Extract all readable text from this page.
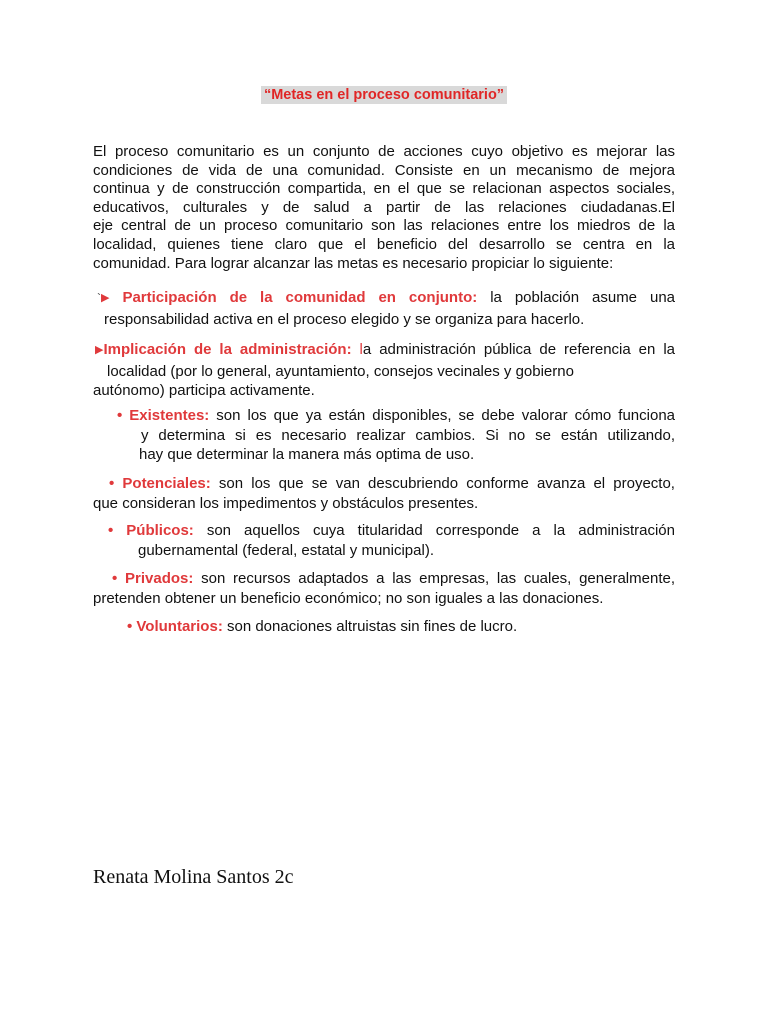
“Metas en el proceso comunitario”
El proceso comunitario es un conjunto de acciones cuyo objetivo es mejorar las
condiciones de vida de una comunidad. Consiste en un mecanismo de mejora
continua y de construcción compartida, en el que se relacionan aspectos sociales,
educativos, culturales y de salud a partir de las relaciones ciudadanas. El
eje central de un proceso comunitario son las relaciones entre los miedros de la
localidad, quienes tiene claro que el beneficio del desarrollo se centra en la
comunidad. Para lograr alcanzar las metas es necesario propiciar lo siguiente:
`▶ Participación de la comunidad en conjunto: la población asume una
responsabilidad activa en el proceso elegido y se organiza para hacerlo.
▶Implicación de la administración: la administración pública de referencia en la
localidad (por lo general, ayuntamiento, consejos vecinales y gobierno
autónomo) participa activamente.
• Existentes: son los que ya están disponibles, se debe valorar cómo funciona
y determina si es necesario realizar cambios. Si no se están utilizando,
hay que determinar la manera más optima de uso.
• Potenciales: son los que se van descubriendo conforme avanza el proyecto,
que consideran los impedimentos y obstáculos presentes.
• Públicos: son aquellos cuya titularidad corresponde a la administración
gubernamental (federal, estatal y municipal).
• Privados: son recursos adaptados a las empresas, las cuales, generalmente,
pretenden obtener un beneficio económico; no son iguales a las donaciones.
• Voluntarios: son donaciones altruistas sin fines de lucro.
Renata Molina Santos 2c
